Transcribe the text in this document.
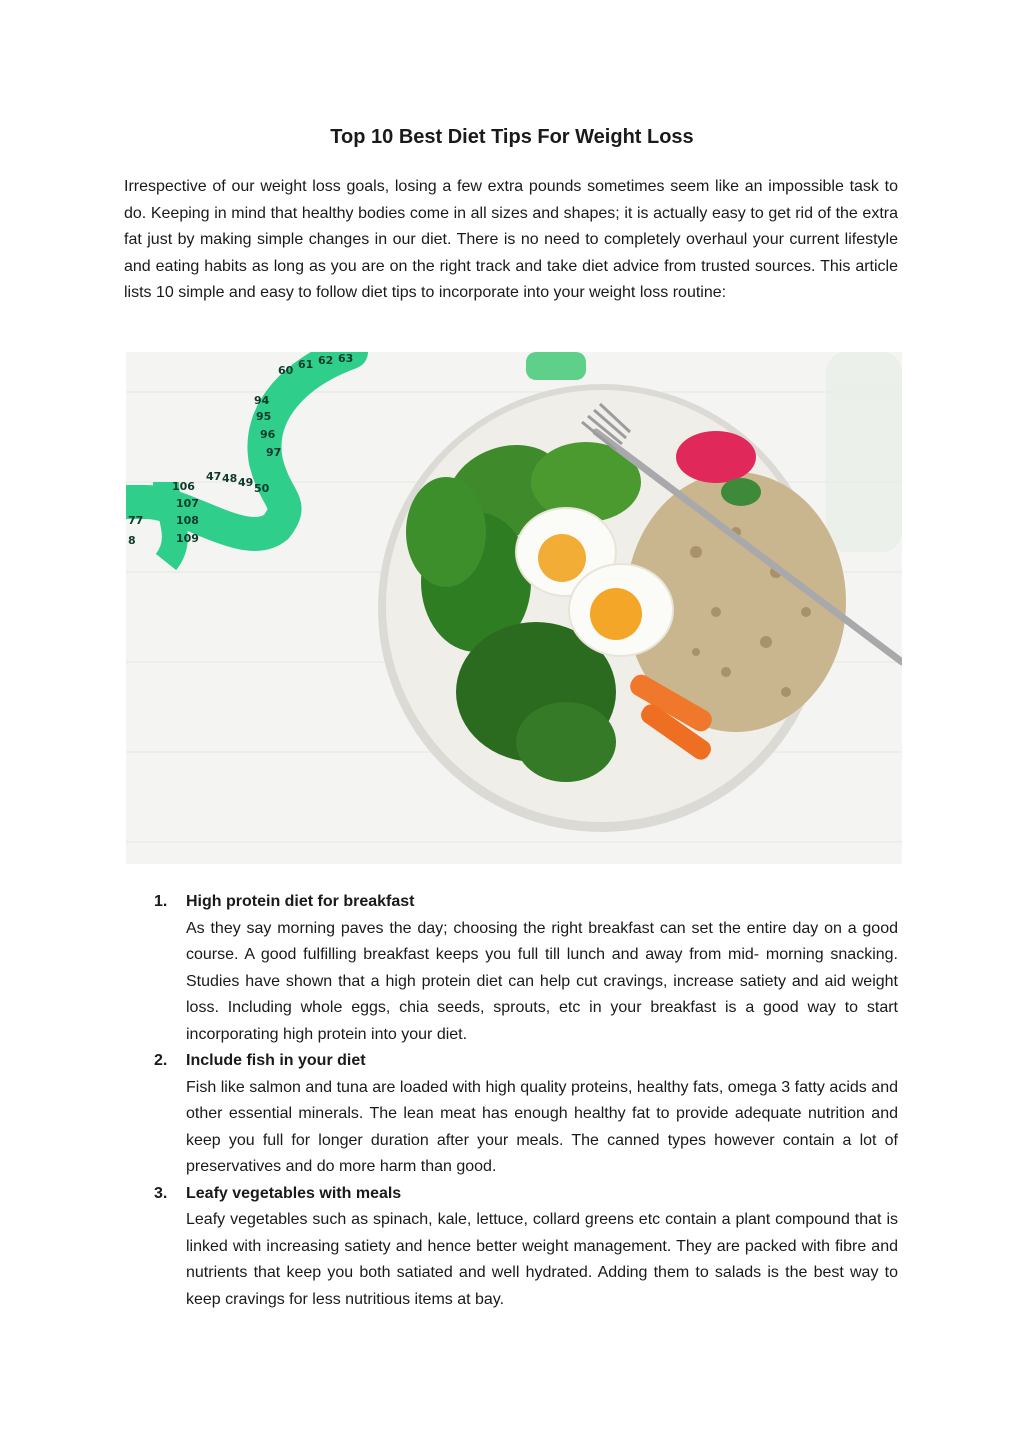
Top 10 Best Diet Tips For Weight Loss

Irrespective of our weight loss goals, losing a few extra pounds sometimes seem like an impossible task to do. Keeping in mind that healthy bodies come in all sizes and shapes; it is actually easy to get rid of the extra fat just by making simple changes in our diet. There is no need to completely overhaul your current lifestyle and eating habits as long as you are on the right track and take diet advice from trusted sources. This article lists 10 simple and easy to follow diet tips to incorporate into your weight loss routine:

60 61 62 63
94
95
96
97
47 48 49 50
106
107
108
109
77
8
1.	High protein diet for breakfast
As they say morning paves the day; choosing the right breakfast can set the entire day on a good course. A good fulfilling breakfast keeps you full till lunch and away from mid- morning snacking. Studies have shown that a high protein diet can help cut cravings, increase satiety and aid weight loss. Including whole eggs, chia seeds, sprouts, etc in your breakfast is a good way to start incorporating high protein into your diet.
2.	Include fish in your diet
Fish like salmon and tuna are loaded with high quality proteins, healthy fats, omega 3 fatty acids and other essential minerals. The lean meat has enough healthy fat to provide adequate nutrition and keep you full for longer duration after your meals. The canned types however contain a lot of preservatives and do more harm than good.
3.	Leafy vegetables with meals
Leafy vegetables such as spinach, kale, lettuce, collard greens etc contain a plant compound that is linked with increasing satiety and hence better weight management. They are packed with fibre and nutrients that keep you both satiated and well hydrated. Adding them to salads is the best way to keep cravings for less nutritious items at bay.
